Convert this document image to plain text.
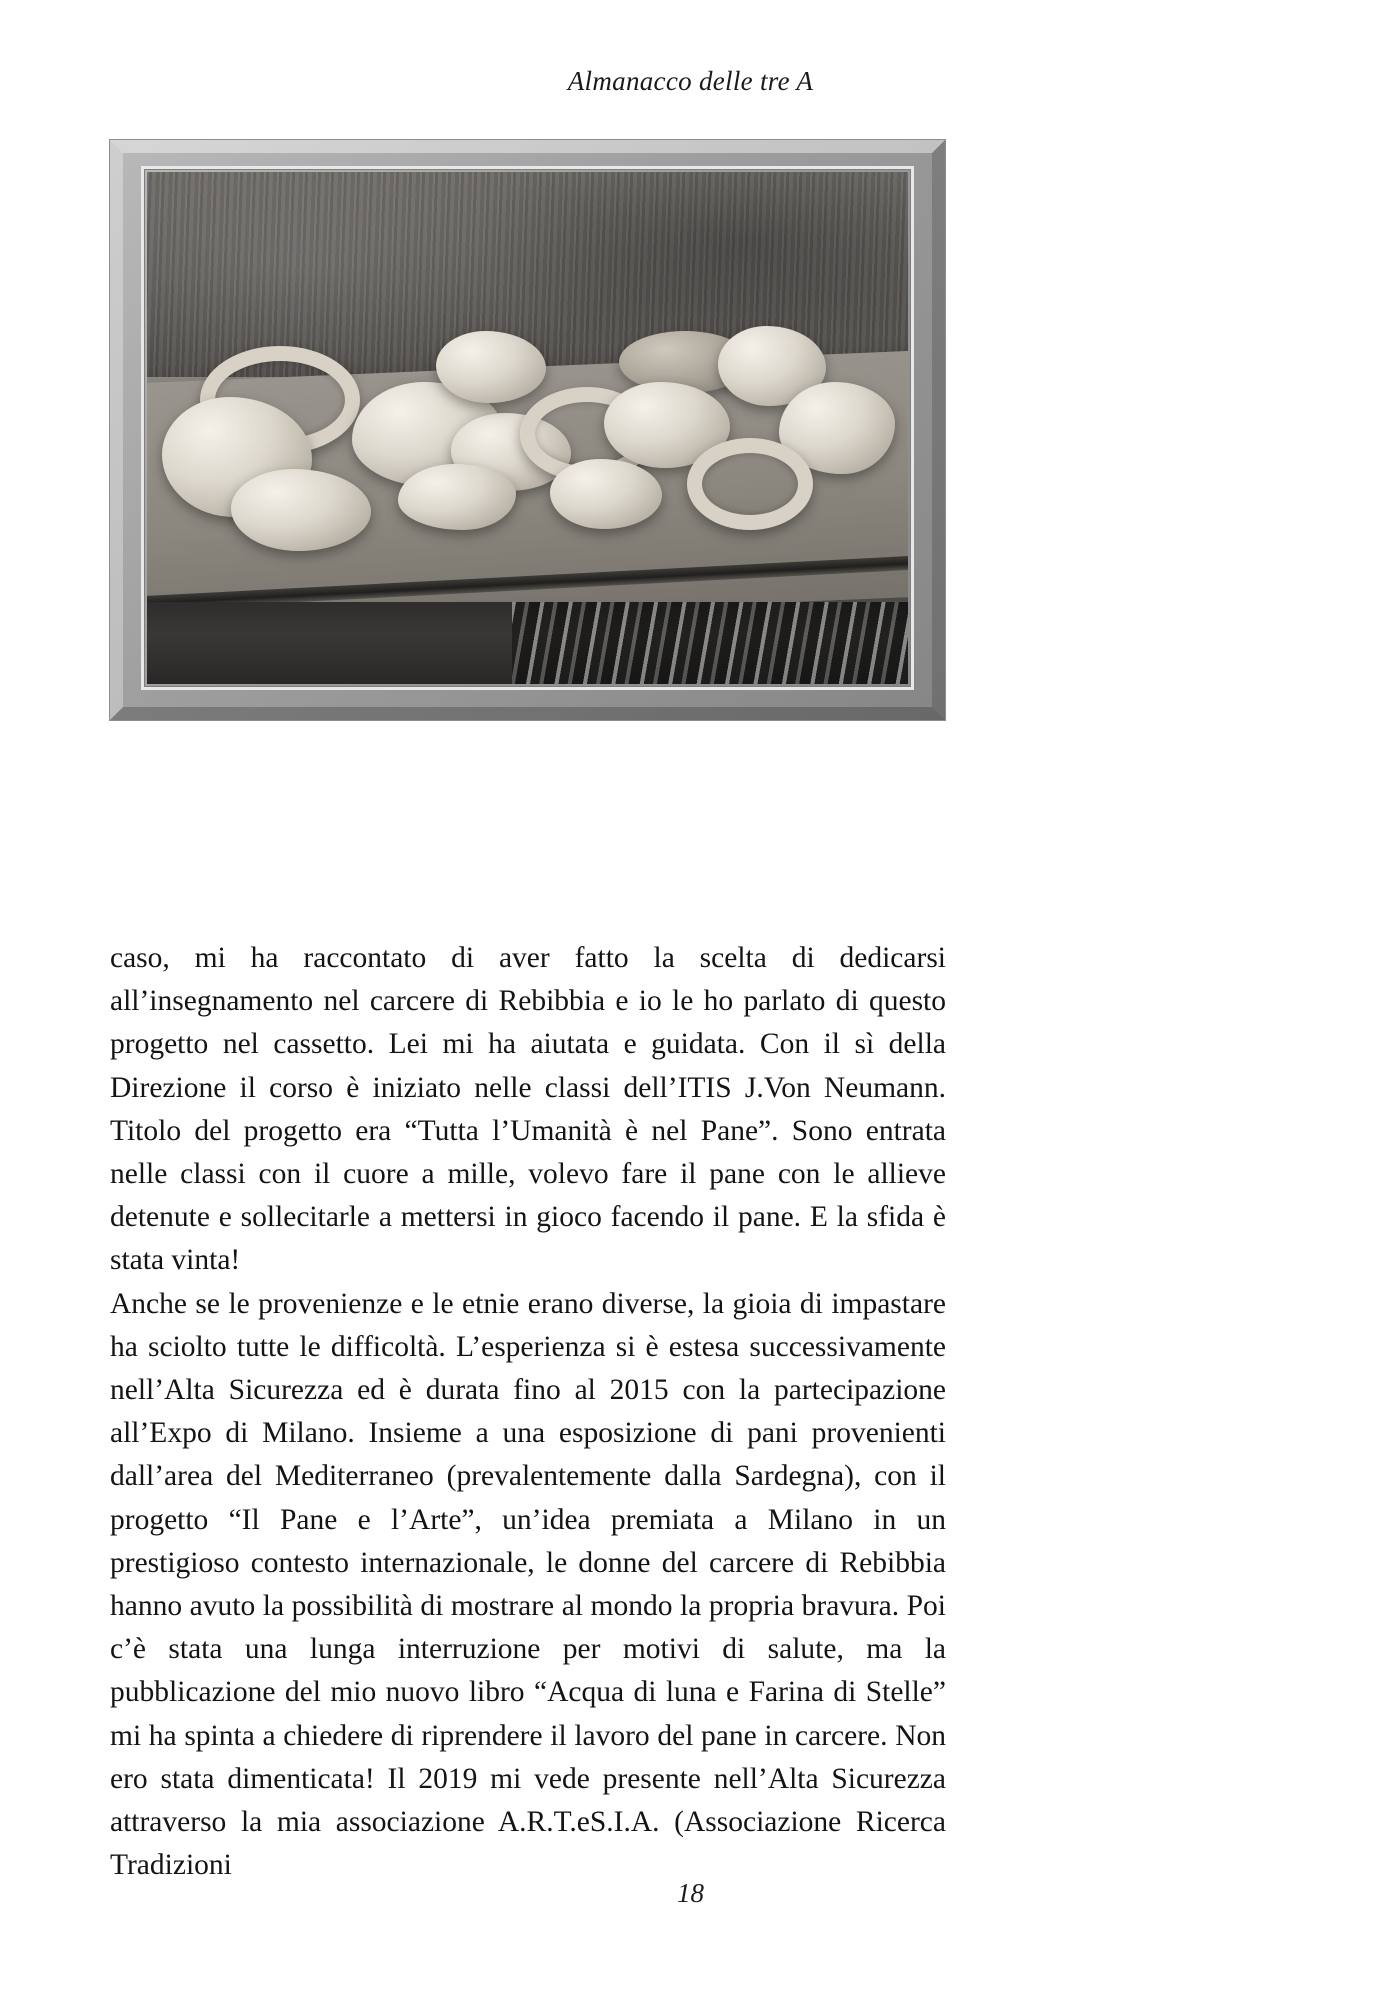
Almanacco delle tre A

caso, mi ha raccontato di aver fatto la scelta di dedicarsi all’insegnamento nel carcere di Rebibbia e io le ho parlato di questo progetto nel cassetto. Lei mi ha aiutata e guidata. Con il sì della Direzione il corso è iniziato nelle classi dell’ITIS J.Von Neumann. Titolo del progetto era “Tutta l’Umanità è nel Pane”. Sono entrata nelle classi con il cuore a mille, volevo fare il pane con le allieve detenute e sollecitarle a mettersi in gioco facendo il pane. E la sfida è stata vinta!

Anche se le provenienze e le etnie erano diverse, la gioia di impastare ha sciolto tutte le difficoltà. L’esperienza si è estesa successivamente nell’Alta Sicurezza ed è durata fino al 2015 con la partecipazione all’Expo di Milano. Insieme a una esposizione di pani provenienti dall’area del Mediterraneo (prevalentemente dalla Sardegna), con il progetto “Il Pane e l’Arte”, un’idea premiata a Milano in un prestigioso contesto internazionale, le donne del carcere di Rebibbia hanno avuto la possibilità di mostrare al mondo la propria bravura. Poi c’è stata una lunga interruzione per motivi di salute, ma la pubblicazione del mio nuovo libro “Acqua di luna e Farina di Stelle” mi ha spinta a chiedere di riprendere il lavoro del pane in carcere. Non ero stata dimenticata! Il 2019 mi vede presente nell’Alta Sicurezza attraverso la mia associazione A.R.T.eS.I.A. (Associazione Ricerca Tradizioni

18
